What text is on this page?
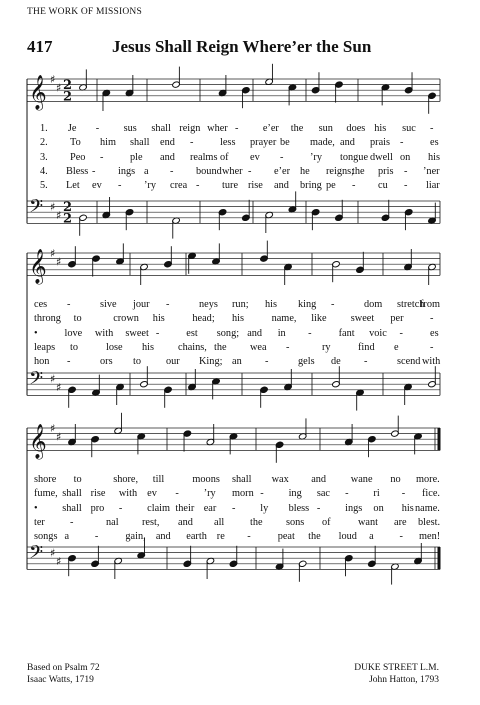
THE WORK OF MISSIONS
417	Jesus Shall Reign Where’er the Sun
𝄞 ♯
♯ 2
2
𝄢 ♯
♯
2
2
𝄞 ♯
♯
𝄢 ♯
♯
𝄞 ♯
♯
𝄢 ♯
♯
Based on Psalm 72
Isaac Watts, 1719
DUKE STREET L.M.
John Hatton, 1793
1. Je - sus shall reign wher - e’er the sun does his suc -
2. To him shall end -	less prayer be made, and prais -	es
3. Peo -	ple and realms of ev -	’ry tongue dwell on his
4. Bless - ings a - bound wher - e’er he reigns;
the pris - ’ner
5. Let ev - ’ry crea - ture rise and bring pe - cu - liar
ces -	sive jour -	neys run; his king -	dom stretch
from
throng to	crown his	head; his	name, like sweet per	-
•	love with sweet -	est song; and in -	fant voic -	es
leaps to	lose his chains, the wea -	ry	find e	-
hon -	ors to our King; an -	gels de -	scend with
shore to	shore, till	moons shall wax and wane no more.
fume, shall rise with ev - ’ry morn - ing sac - ri - fice.
• shall pro - claim their ear - ly bless - ings on his name.
ter -	nal rest, and all the sons of	want are blest.
songs a	-	gain, and earth re -	peat the loud a	- men!
